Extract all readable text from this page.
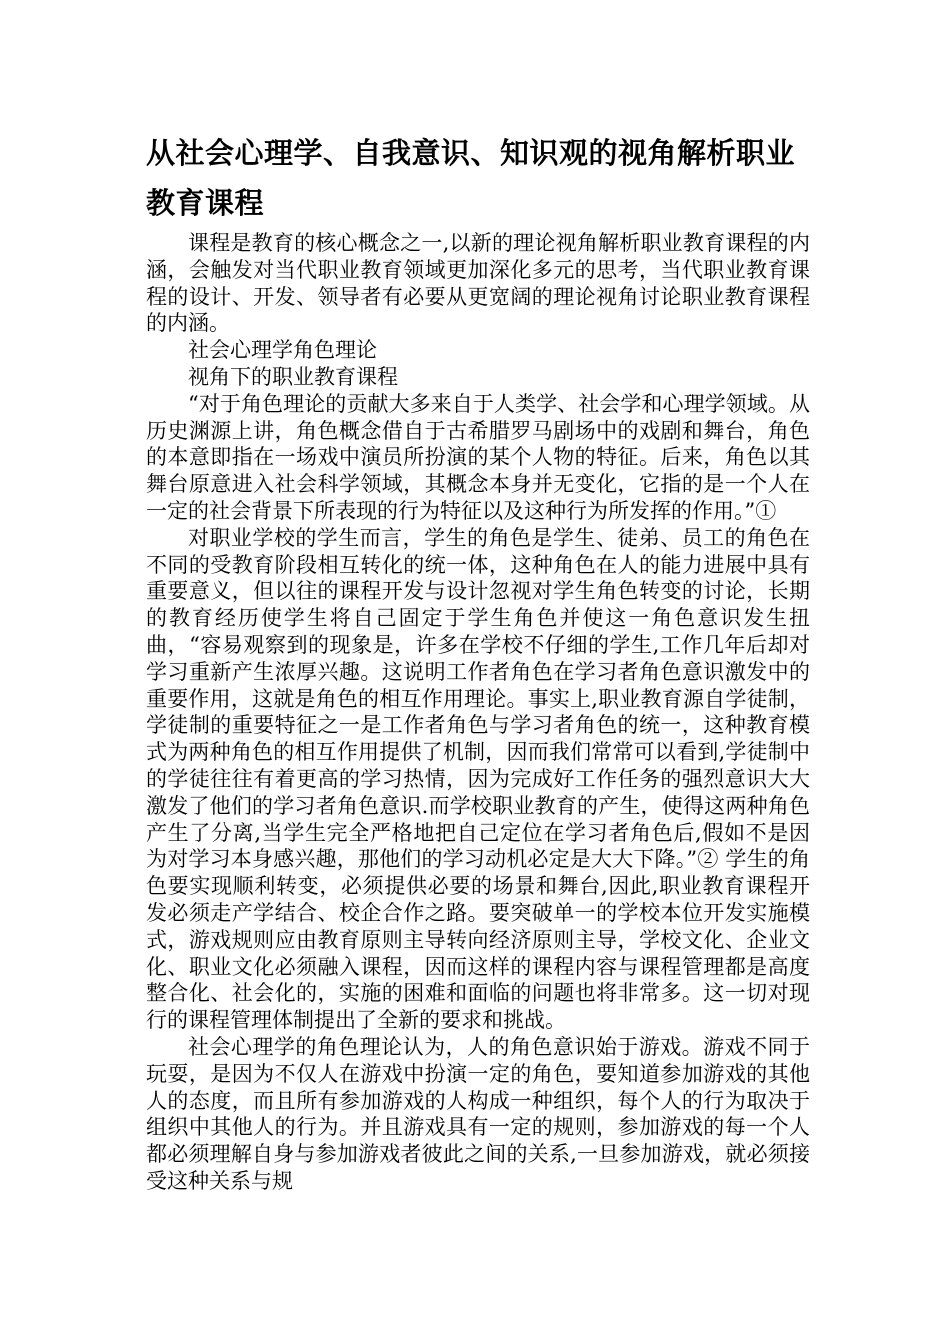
从社会心理学、自我意识、知识观的视角解析职业教育课程

课程是教育的核心概念之一,以新的理论视角解析职业教育课程的内涵，会触发对当代职业教育领域更加深化多元的思考，当代职业教育课程的设计、开发、领导者有必要从更宽阔的理论视角讨论职业教育课程的内涵。

社会心理学角色理论

视角下的职业教育课程

“对于角色理论的贡献大多来自于人类学、社会学和心理学领域。从历史渊源上讲，角色概念借自于古希腊罗马剧场中的戏剧和舞台，角色的本意即指在一场戏中演员所扮演的某个人物的特征。后来，角色以其舞台原意进入社会科学领域，其概念本身并无变化，它指的是一个人在一定的社会背景下所表现的行为特征以及这种行为所发挥的作用。”①

对职业学校的学生而言，学生的角色是学生、徒弟、员工的角色在不同的受教育阶段相互转化的统一体，这种角色在人的能力进展中具有重要意义，但以往的课程开发与设计忽视对学生角色转变的讨论，长期的教育经历使学生将自己固定于学生角色并使这一角色意识发生扭曲，“容易观察到的现象是，许多在学校不仔细的学生,工作几年后却对学习重新产生浓厚兴趣。这说明工作者角色在学习者角色意识激发中的重要作用，这就是角色的相互作用理论。事实上,职业教育源自学徒制，学徒制的重要特征之一是工作者角色与学习者角色的统一，这种教育模式为两种角色的相互作用提供了机制，因而我们常常可以看到,学徒制中的学徒往往有着更高的学习热情，因为完成好工作任务的强烈意识大大激发了他们的学习者角色意识.而学校职业教育的产生，使得这两种角色产生了分离,当学生完全严格地把自己定位在学习者角色后,假如不是因为对学习本身感兴趣，那他们的学习动机必定是大大下降。”② 学生的角色要实现顺利转变，必须提供必要的场景和舞台,因此,职业教育课程开发必须走产学结合、校企合作之路。要突破单一的学校本位开发实施模式，游戏规则应由教育原则主导转向经济原则主导，学校文化、企业文化、职业文化必须融入课程，因而这样的课程内容与课程管理都是高度整合化、社会化的，实施的困难和面临的问题也将非常多。这一切对现行的课程管理体制提出了全新的要求和挑战。

社会心理学的角色理论认为，人的角色意识始于游戏。游戏不同于玩耍，是因为不仅人在游戏中扮演一定的角色，要知道参加游戏的其他人的态度，而且所有参加游戏的人构成一种组织，每个人的行为取决于组织中其他人的行为。并且游戏具有一定的规则，参加游戏的每一个人都必须理解自身与参加游戏者彼此之间的关系,一旦参加游戏，就必须接受这种关系与规
